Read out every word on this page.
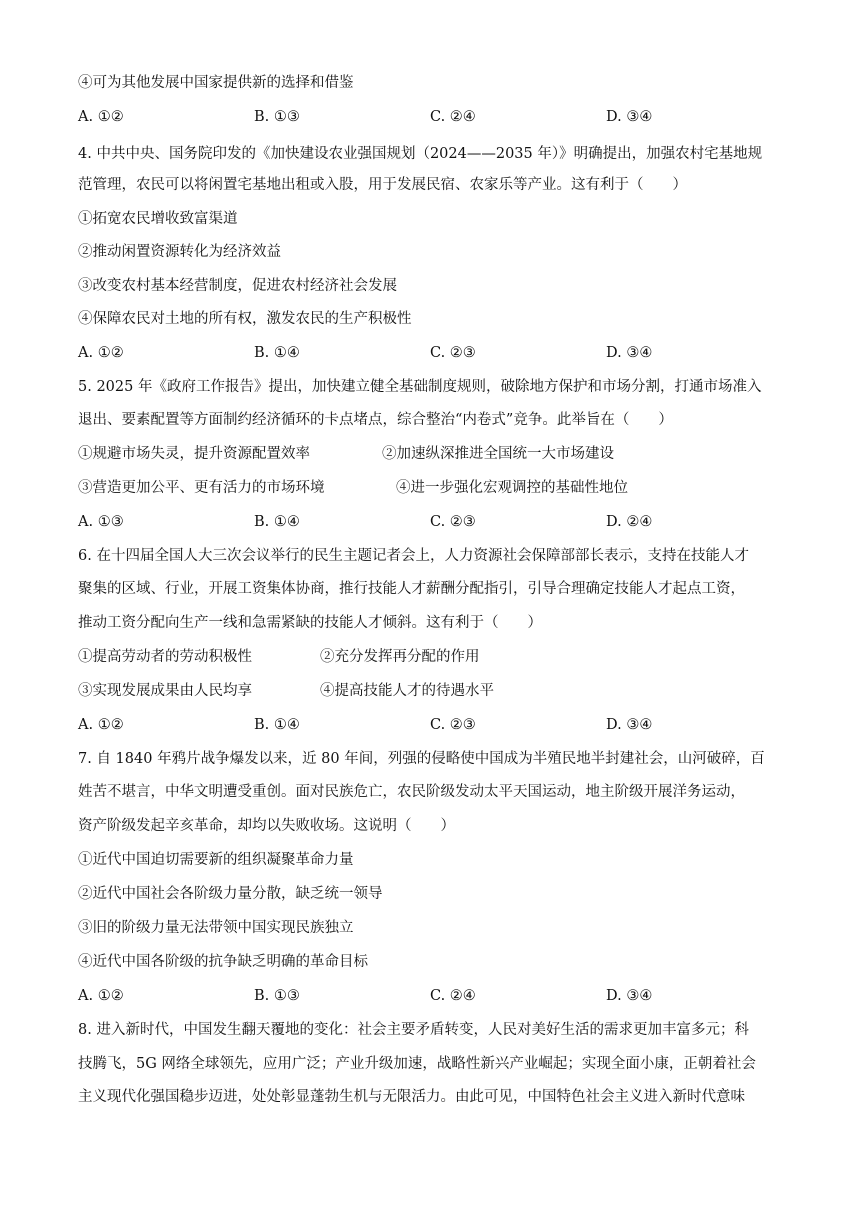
④可为其他发展中国家提供新的选择和借鉴
A. ①②	B. ①③	C. ②④	D. ③④
4. 中共中央、国务院印发的《加快建设农业强国规划（2024——2035 年）》明确提出，加强农村宅基地规
范管理，农民可以将闲置宅基地出租或入股，用于发展民宿、农家乐等产业。这有利于（　　）
①拓宽农民增收致富渠道
②推动闲置资源转化为经济效益
③改变农村基本经营制度，促进农村经济社会发展
④保障农民对土地的所有权，激发农民的生产积极性
A. ①②	B. ①④	C. ②③	D. ③④
5. 2025 年《政府工作报告》提出，加快建立健全基础制度规则，破除地方保护和市场分割，打通市场准入
退出、要素配置等方面制约经济循环的卡点堵点，综合整治“内卷式”竞争。此举旨在（　　）
①规避市场失灵，提升资源配置效率	②加速纵深推进全国统一大市场建设
③营造更加公平、更有活力的市场环境	④进一步强化宏观调控的基础性地位
A. ①③	B. ①④	C. ②③	D. ②④
6. 在十四届全国人大三次会议举行的民生主题记者会上，人力资源社会保障部部长表示，支持在技能人才
聚集的区域、行业，开展工资集体协商，推行技能人才薪酬分配指引，引导合理确定技能人才起点工资，
推动工资分配向生产一线和急需紧缺的技能人才倾斜。这有利于（　　）
①提高劳动者的劳动积极性	②充分发挥再分配的作用
③实现发展成果由人民均享	④提高技能人才的待遇水平
A. ①②	B. ①④	C. ②③	D. ③④
7. 自 1840 年鸦片战争爆发以来，近 80 年间，列强的侵略使中国成为半殖民地半封建社会，山河破碎，百
姓苦不堪言，中华文明遭受重创。面对民族危亡，农民阶级发动太平天国运动，地主阶级开展洋务运动，
资产阶级发起辛亥革命，却均以失败收场。这说明（　　）
①近代中国迫切需要新的组织凝聚革命力量
②近代中国社会各阶级力量分散，缺乏统一领导
③旧的阶级力量无法带领中国实现民族独立
④近代中国各阶级的抗争缺乏明确的革命目标
A. ①②	B. ①③	C. ②④	D. ③④
8. 进入新时代，中国发生翻天覆地的变化：社会主要矛盾转变，人民对美好生活的需求更加丰富多元；科
技腾飞，5G 网络全球领先，应用广泛；产业升级加速，战略性新兴产业崛起；实现全面小康，正朝着社会
主义现代化强国稳步迈进，处处彰显蓬勃生机与无限活力。由此可见，中国特色社会主义进入新时代意味
